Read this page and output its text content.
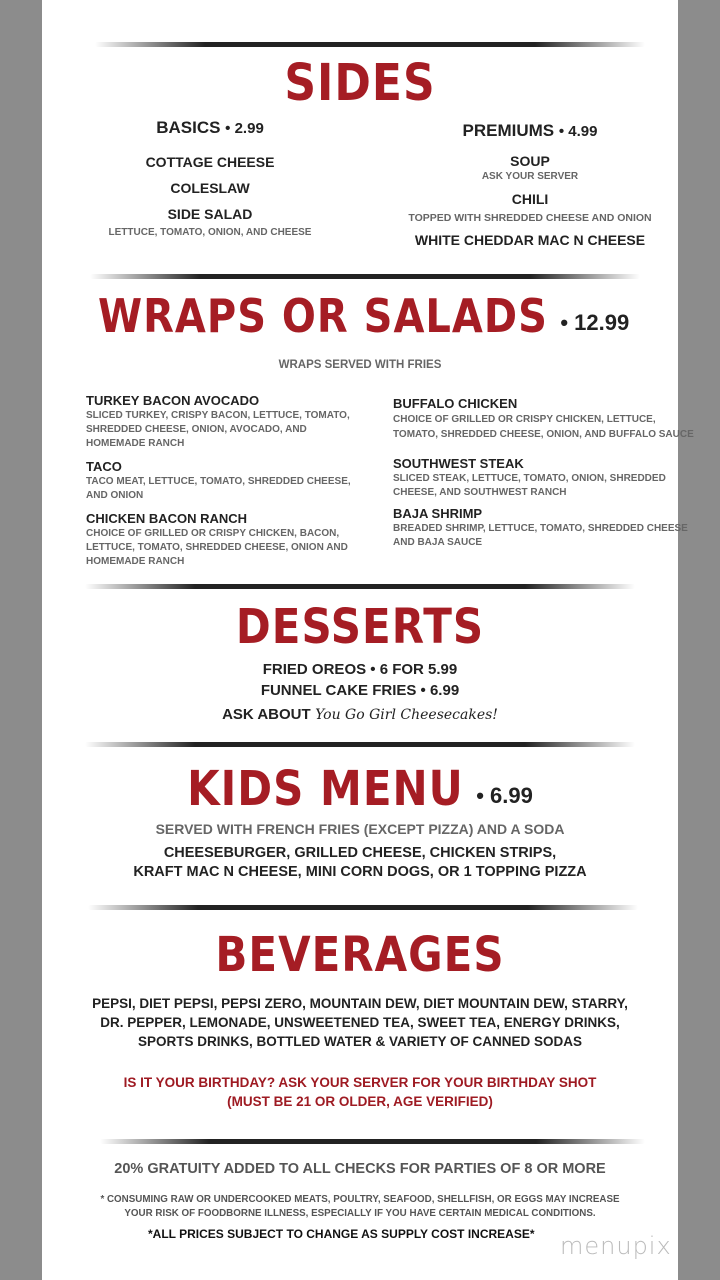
SIDES
BASICS • 2.99
COTTAGE CHEESE
COLESLAW
SIDE SALAD
LETTUCE, TOMATO, ONION, AND CHEESE
PREMIUMS • 4.99
SOUP
ASK YOUR SERVER
CHILI
TOPPED WITH SHREDDED CHEESE AND ONION
WHITE CHEDDAR MAC N CHEESE
WRAPS OR SALADS • 12.99
WRAPS SERVED WITH FRIES
TURKEY BACON AVOCADO

SLICED TURKEY, CRISPY BACON, LETTUCE, TOMATO, SHREDDED CHEESE, ONION, AVOCADO, AND HOMEMADE RANCH

TACO

TACO MEAT, LETTUCE, TOMATO, SHREDDED CHEESE, AND ONION

CHICKEN BACON RANCH

CHOICE OF GRILLED OR CRISPY CHICKEN, BACON, LETTUCE, TOMATO, SHREDDED CHEESE, ONION AND HOMEMADE RANCH

BUFFALO CHICKEN

CHOICE OF GRILLED OR CRISPY CHICKEN, LETTUCE, TOMATO, SHREDDED CHEESE, ONION, AND BUFFALO SAUCE

SOUTHWEST STEAK

SLICED STEAK, LETTUCE, TOMATO, ONION, SHREDDED CHEESE, AND SOUTHWEST RANCH

BAJA SHRIMP

BREADED SHRIMP, LETTUCE, TOMATO, SHREDDED CHEESE AND BAJA SAUCE

DESSERTS
FRIED OREOS • 6 FOR 5.99
FUNNEL CAKE FRIES • 6.99
ASK ABOUT You Go Girl Cheesecakes!
KIDS MENU • 6.99
SERVED WITH FRENCH FRIES (EXCEPT PIZZA) AND A SODA
CHEESEBURGER, GRILLED CHEESE, CHICKEN STRIPS,
KRAFT MAC N CHEESE, MINI CORN DOGS, OR 1 TOPPING PIZZA
BEVERAGES
PEPSI, DIET PEPSI, PEPSI ZERO, MOUNTAIN DEW, DIET MOUNTAIN DEW, STARRY,
DR. PEPPER, LEMONADE, UNSWEETENED TEA, SWEET TEA, ENERGY DRINKS,
SPORTS DRINKS, BOTTLED WATER & VARIETY OF CANNED SODAS
IS IT YOUR BIRTHDAY? ASK YOUR SERVER FOR YOUR BIRTHDAY SHOT
(MUST BE 21 OR OLDER, AGE VERIFIED)
20% GRATUITY ADDED TO ALL CHECKS FOR PARTIES OF 8 OR MORE
* CONSUMING RAW OR UNDERCOOKED MEATS, POULTRY, SEAFOOD, SHELLFISH, OR EGGS MAY INCREASE
YOUR RISK OF FOODBORNE ILLNESS, ESPECIALLY IF YOU HAVE CERTAIN MEDICAL CONDITIONS.
*ALL PRICES SUBJECT TO CHANGE AS SUPPLY COST INCREASE* menupix
